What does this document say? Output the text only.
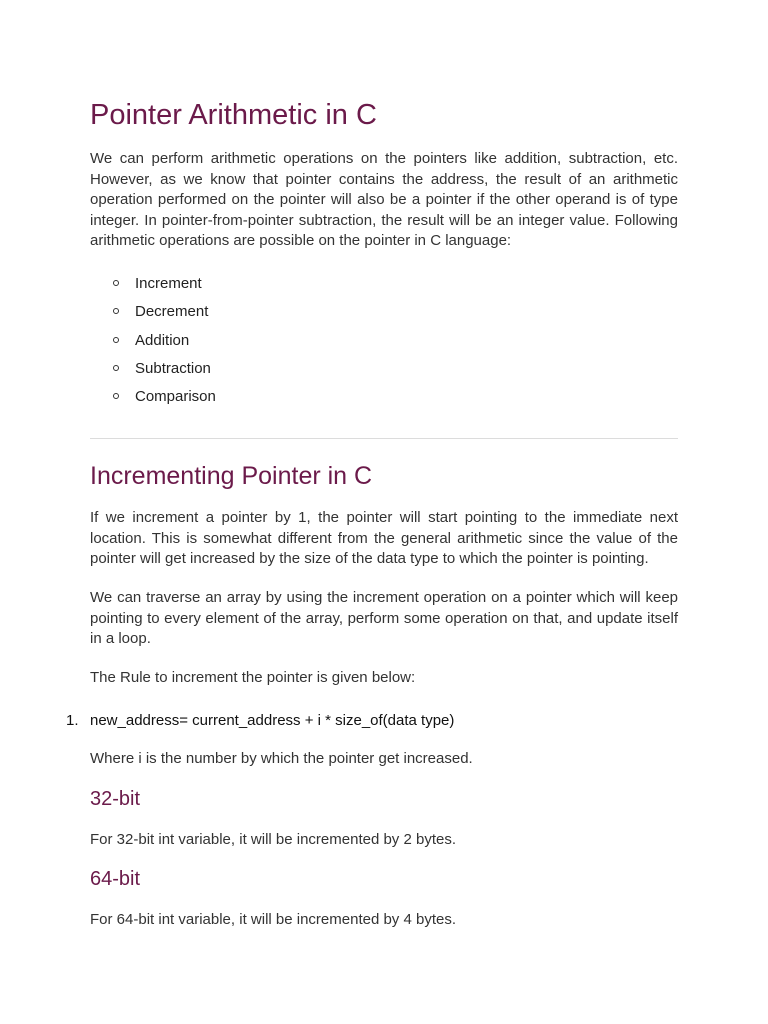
Pointer Arithmetic in C

We can perform arithmetic operations on the pointers like addition, subtraction, etc. However, as we know that pointer contains the address, the result of an arithmetic operation performed on the pointer will also be a pointer if the other operand is of type integer. In pointer-from-pointer subtraction, the result will be an integer value. Following arithmetic operations are possible on the pointer in C language:

Increment
Decrement
Addition
Subtraction
Comparison
Incrementing Pointer in C

If we increment a pointer by 1, the pointer will start pointing to the immediate next location. This is somewhat different from the general arithmetic since the value of the pointer will get increased by the size of the data type to which the pointer is pointing.

We can traverse an array by using the increment operation on a pointer which will keep pointing to every element of the array, perform some operation on that, and update itself in a loop.

The Rule to increment the pointer is given below:

1. new_address= current_address + i * size_of(data type)

Where i is the number by which the pointer get increased.

32-bit

For 32-bit int variable, it will be incremented by 2 bytes.

64-bit

For 64-bit int variable, it will be incremented by 4 bytes.
